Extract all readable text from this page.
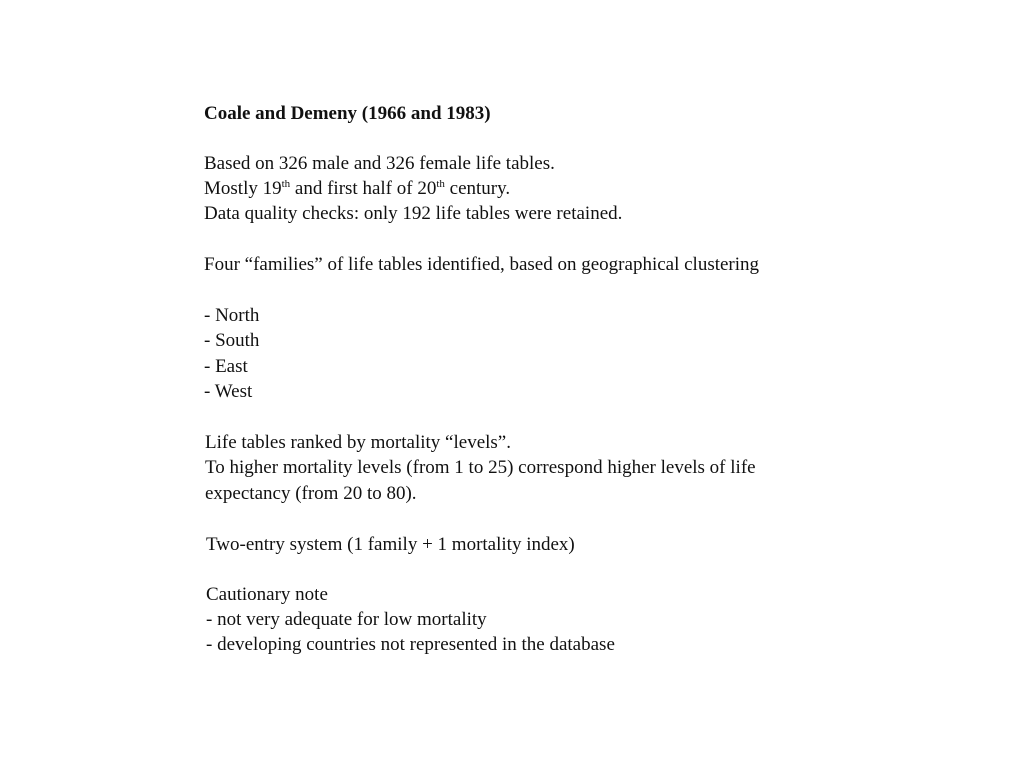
Coale and Demeny (1966 and 1983)
Based on 326 male and 326 female life tables.
Mostly 19th and first half of 20th century.
Data quality checks: only 192 life tables were retained.
Four “families” of life tables identified, based on geographical clustering
- North
- South
- East
- West
Life tables ranked by mortality “levels”.
To higher mortality levels (from 1 to 25) correspond higher levels of life
expectancy (from 20 to 80).
Two-entry system (1 family + 1 mortality index)
Cautionary note
- not very adequate for low mortality
- developing countries not represented in the database
